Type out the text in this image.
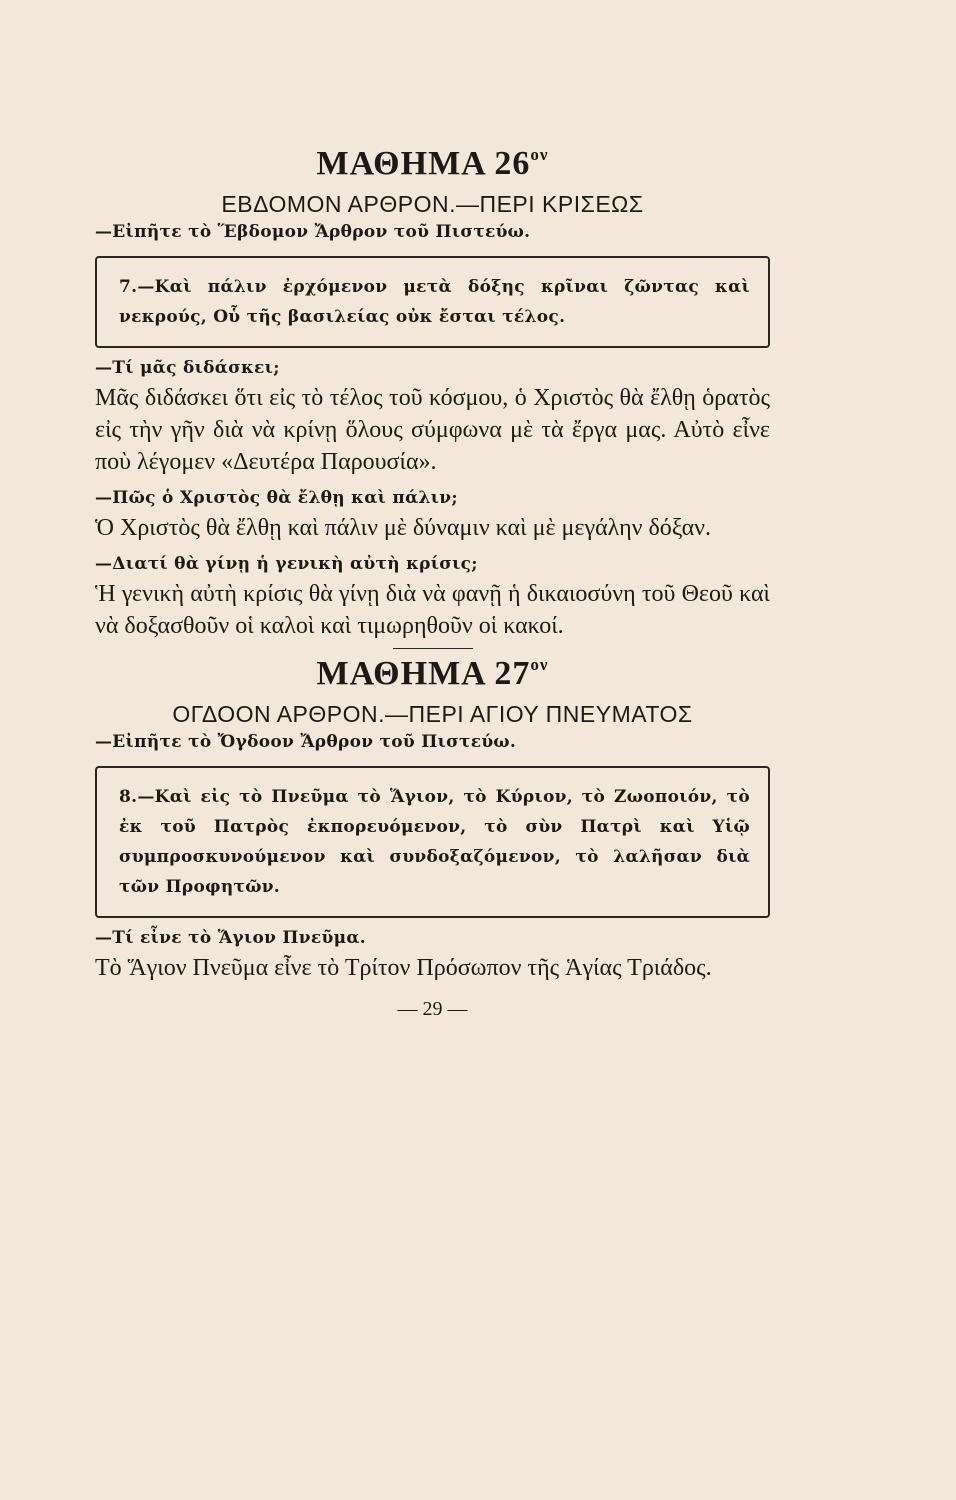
ΜΑΘΗΜΑ $26^{o\nu}$
ΕΒΔΟΜΟΝ ΑΡΘΡΟΝ.—ΠΕΡΙ ΚΡΙΣΕΩΣ

—Εἰπῆτε τὸ Ἕβδομον Ἄρθρον τοῦ Πιστεύω.

7.—Καὶ πάλιν ἐρχόμενον μετὰ δόξης κρῖναι ζῶντας καὶ νεκρούς, Οὗ τῆς βασιλείας οὐκ ἔσται τέλος.

—Τί μᾶς διδάσκει;

Μᾶς διδάσκει ὅτι εἰς τὸ τέλος τοῦ κόσμου, ὁ Χριστὸς θὰ ἔλθῃ ὁρατὸς εἰς τὴν γῆν διὰ νὰ κρίνῃ ὅλους σύμφωνα μὲ τὰ ἔργα μας. Αὐτὸ εἶνε ποὺ λέγομεν «Δευτέρα Παρουσία».

—Πῶς ὁ Χριστὸς θὰ ἔλθῃ καὶ πάλιν;

Ὁ Χριστὸς θὰ ἔλθῃ καὶ πάλιν μὲ δύναμιν καὶ μὲ μεγάλην δόξαν.

—Διατί θὰ γίνῃ ἡ γενικὴ αὐτὴ κρίσις;

Ἡ γενικὴ αὐτὴ κρίσις θὰ γίνῃ διὰ νὰ φανῇ ἡ δικαιοσύνη τοῦ Θεοῦ καὶ νὰ δοξασθοῦν οἱ καλοὶ καὶ τιμωρηθοῦν οἱ κακοί.

ΜΑΘΗΜΑ $27^{o\nu}$
ΟΓΔΟΟΝ ΑΡΘΡΟΝ.—ΠΕΡΙ ΑΓΙΟΥ ΠΝΕΥΜΑΤΟΣ

—Εἰπῆτε τὸ Ὄγδοον Ἄρθρον τοῦ Πιστεύω.

8.—Καὶ εἰς τὸ Πνεῦμα τὸ Ἅγιον, τὸ Κύριον, τὸ Ζωοποιόν, τὸ ἐκ τοῦ Πατρὸς ἐκπορευόμενον, τὸ σὺν Πατρὶ καὶ Υἱῷ συμπροσκυνούμενον καὶ συνδοξαζόμενον, τὸ λαλῆσαν διὰ τῶν Προφητῶν.

—Τί εἶνε τὸ Ἅγιον Πνεῦμα.

Τὸ Ἅγιον Πνεῦμα εἶνε τὸ Τρίτον Πρόσωπον τῆς Ἁγίας Τριάδος.

— 29 —
